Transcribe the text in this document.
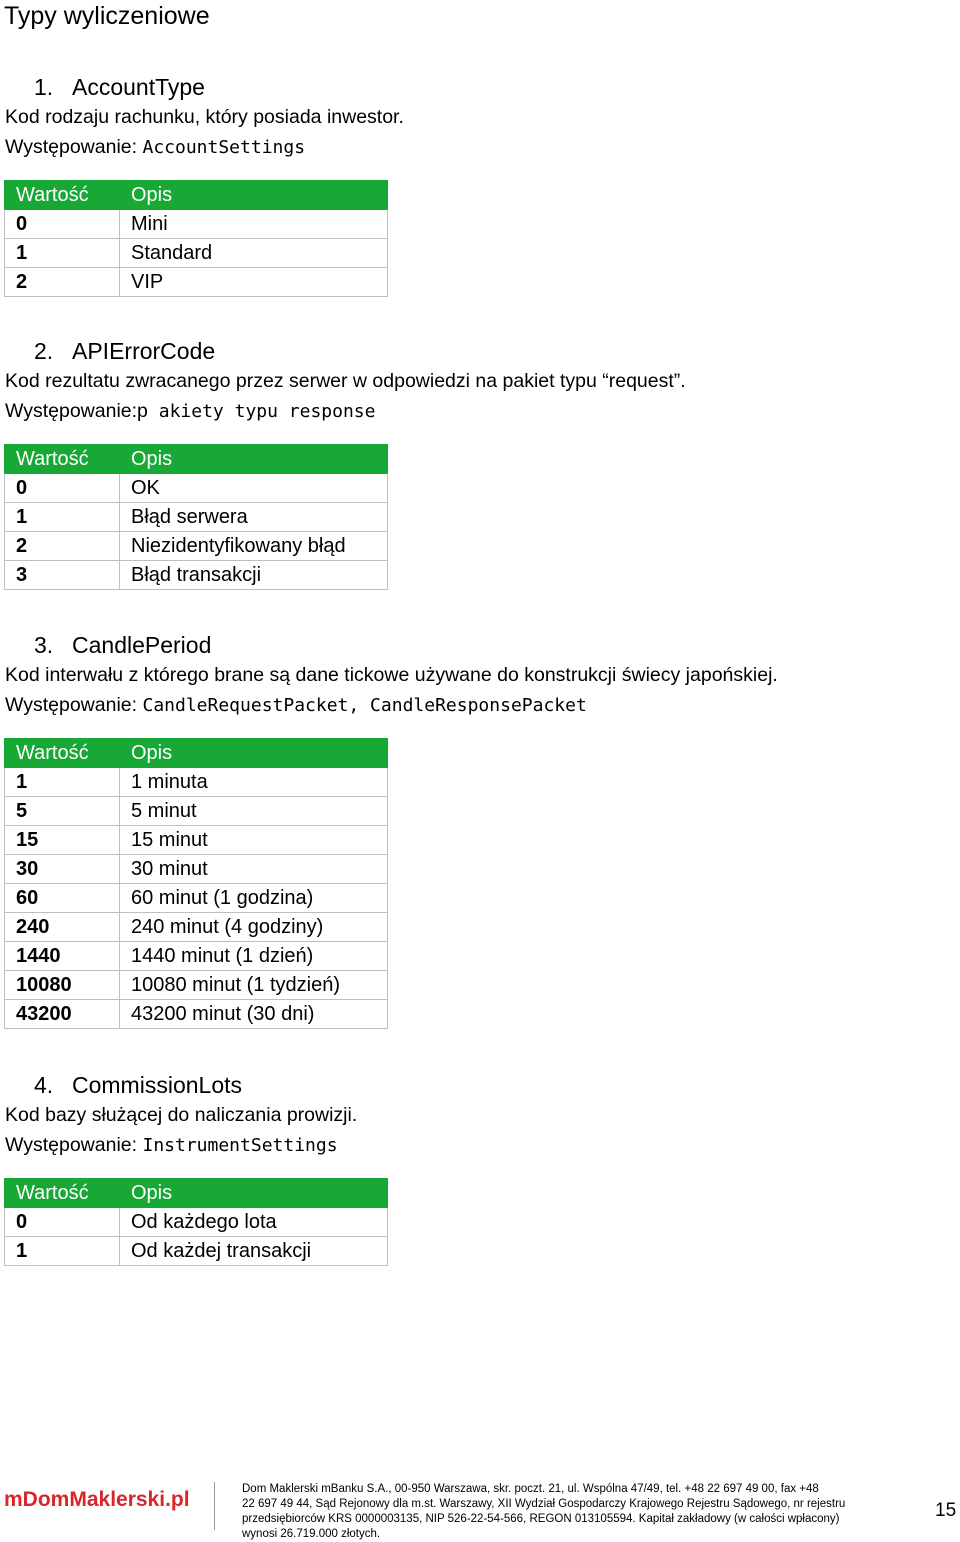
Typy wyliczeniowe
1. AccountType
Kod rodzaju rachunku, który posiada inwestor.
Występowanie: AccountSettings
Wartość	Opis
0	Mini
1	Standard
2	VIP
2. APIErrorCode
Kod rezultatu zwracanego przez serwer w odpowiedzi na pakiet typu “request”.
Występowanie:p akiety typu response
Wartość	Opis
0	OK
1	Błąd serwera
2	Niezidentyfikowany błąd
3	Błąd transakcji
3. CandlePeriod
Kod interwału z którego brane są dane tickowe używane do konstrukcji świecy japońskiej.
Występowanie: CandleRequestPacket, CandleResponsePacket
Wartość	Opis
1	1 minuta
5	5 minut
15	15 minut
30	30 minut
60	60 minut (1 godzina)
240	240 minut (4 godziny)
1440	1440 minut (1 dzień)
10080	10080 minut (1 tydzień)
43200	43200 minut (30 dni)
4. CommissionLots
Kod bazy służącej do naliczania prowizji.
Występowanie: InstrumentSettings
Wartość	Opis
0	Od każdego lota
1	Od każdej transakcji
mDomMaklerski.pl	Dom Maklerski mBanku S.A., 00-950 Warszawa, skr. poczt. 21, ul. Wspólna 47/49, tel. +48 22 697 49 00, fax +48
22 697 49 44, Sąd Rejonowy dla m.st. Warszawy, XII Wydział Gospodarczy Krajowego Rejestru Sądowego, nr rejestru
przedsiębiorców KRS 0000003135, NIP 526-22-54-566, REGON 013105594. Kapitał zakładowy (w całości wpłacony)
wynosi 26.719.000 złotych.
15
